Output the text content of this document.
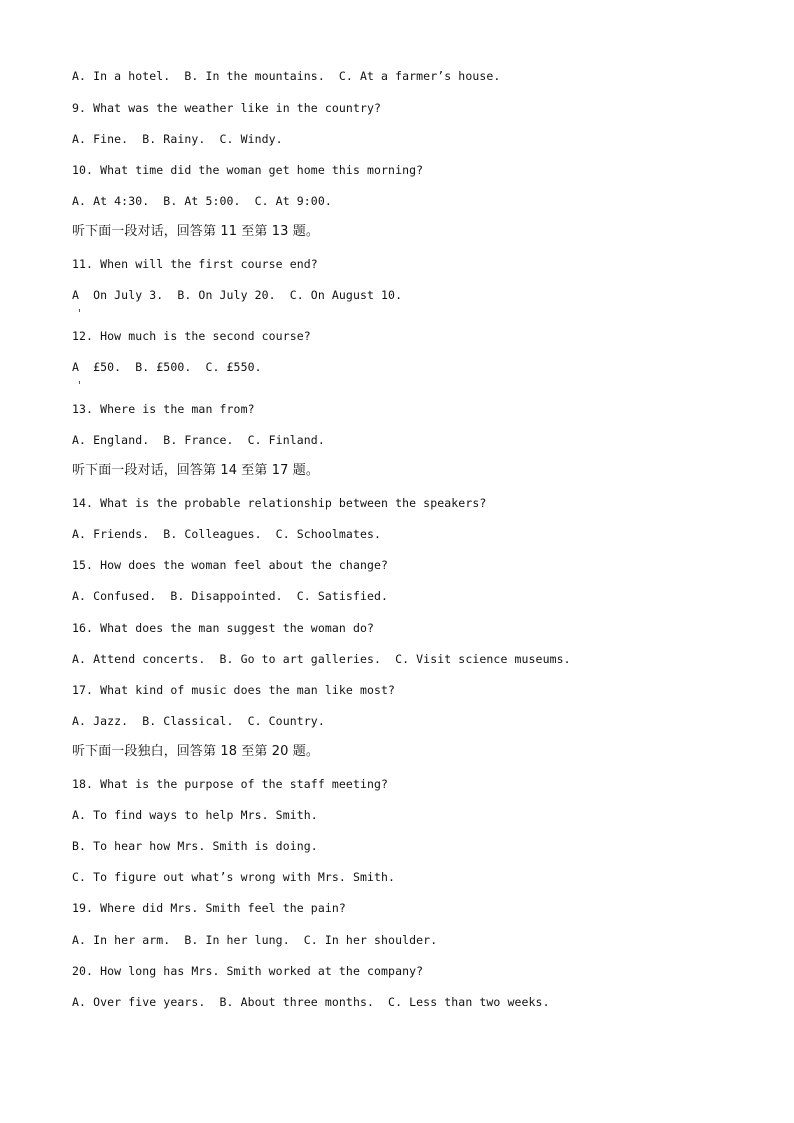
A. In a hotel.  B. In the mountains.  C. At a farmer’s house.
9. What was the weather like in the country?
A. Fine.  B. Rainy.  C. Windy.
10. What time did the woman get home this morning?
A. At 4:30.  B. At 5:00.  C. At 9:00.
听下面一段对话，回答第 11 至第 13 题。
11. When will the first course end?
A  On July 3.  B. On July 20.  C. On August 10.
12. How much is the second course?
A  £50.  B. £500.  C. £550.
13. Where is the man from?
A. England.  B. France.  C. Finland.
听下面一段对话，回答第 14 至第 17 题。
14. What is the probable relationship between the speakers?
A. Friends.  B. Colleagues.  C. Schoolmates.
15. How does the woman feel about the change?
A. Confused.  B. Disappointed.  C. Satisfied.
16. What does the man suggest the woman do?
A. Attend concerts.  B. Go to art galleries.  C. Visit science museums.
17. What kind of music does the man like most?
A. Jazz.  B. Classical.  C. Country.
听下面一段独白，回答第 18 至第 20 题。
18. What is the purpose of the staff meeting?
A. To find ways to help Mrs. Smith.
B. To hear how Mrs. Smith is doing.
C. To figure out what’s wrong with Mrs. Smith.
19. Where did Mrs. Smith feel the pain?
A. In her arm.  B. In her lung.  C. In her shoulder.
20. How long has Mrs. Smith worked at the company?
A. Over five years.  B. About three months.  C. Less than two weeks.
